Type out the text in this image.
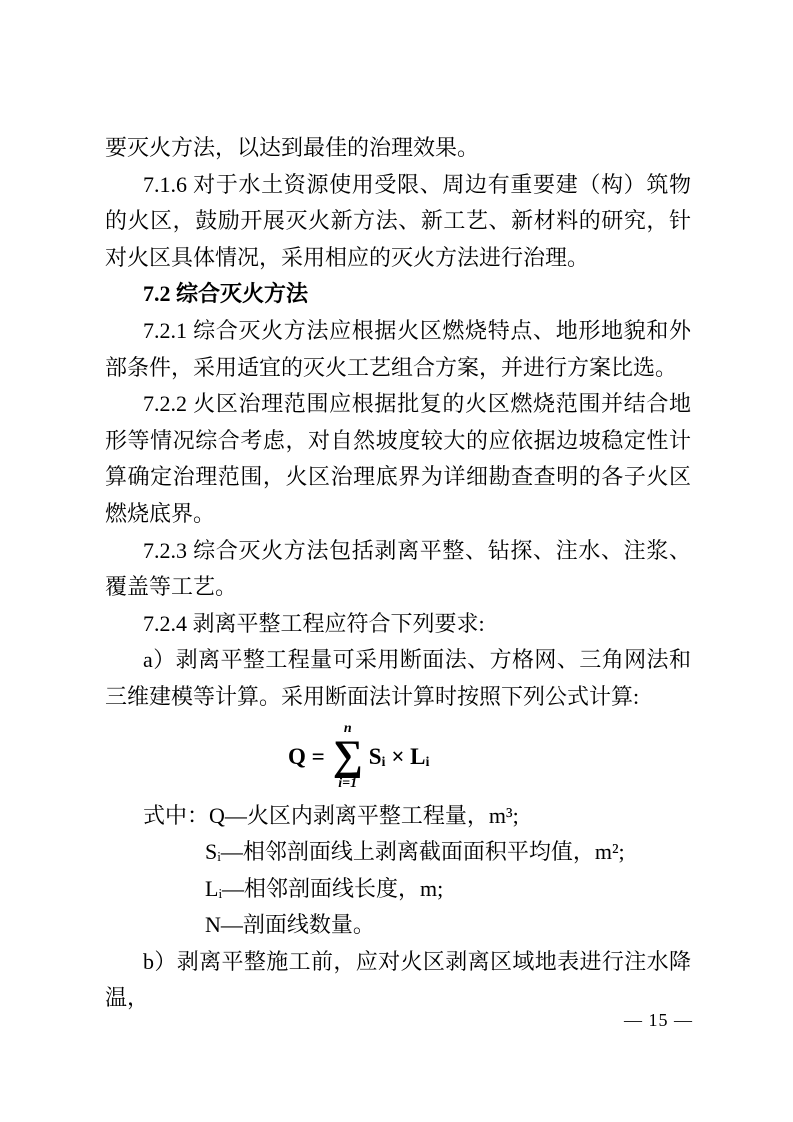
要灭火方法，以达到最佳的治理效果。

7.1.6 对于水土资源使用受限、周边有重要建（构）筑物的火区，鼓励开展灭火新方法、新工艺、新材料的研究，针对火区具体情况，采用相应的灭火方法进行治理。

7.2 综合灭火方法

7.2.1 综合灭火方法应根据火区燃烧特点、地形地貌和外部条件，采用适宜的灭火工艺组合方案，并进行方案比选。

7.2.2 火区治理范围应根据批复的火区燃烧范围并结合地形等情况综合考虑，对自然坡度较大的应依据边坡稳定性计算确定治理范围，火区治理底界为详细勘查查明的各子火区燃烧底界。

7.2.3 综合灭火方法包括剥离平整、钻探、注水、注浆、覆盖等工艺。

7.2.4 剥离平整工程应符合下列要求:

a）剥离平整工程量可采用断面法、方格网、三角网法和三维建模等计算。采用断面法计算时按照下列公式计算:

Q =
n
∑
i=1
Sᵢ × Lᵢ

式中：Q—火区内剥离平整工程量，m³;

Sᵢ—相邻剖面线上剥离截面面积平均值，m²;

Lᵢ—相邻剖面线长度，m;

N—剖面线数量。

b）剥离平整施工前，应对火区剥离区域地表进行注水降温，

— 15 —
